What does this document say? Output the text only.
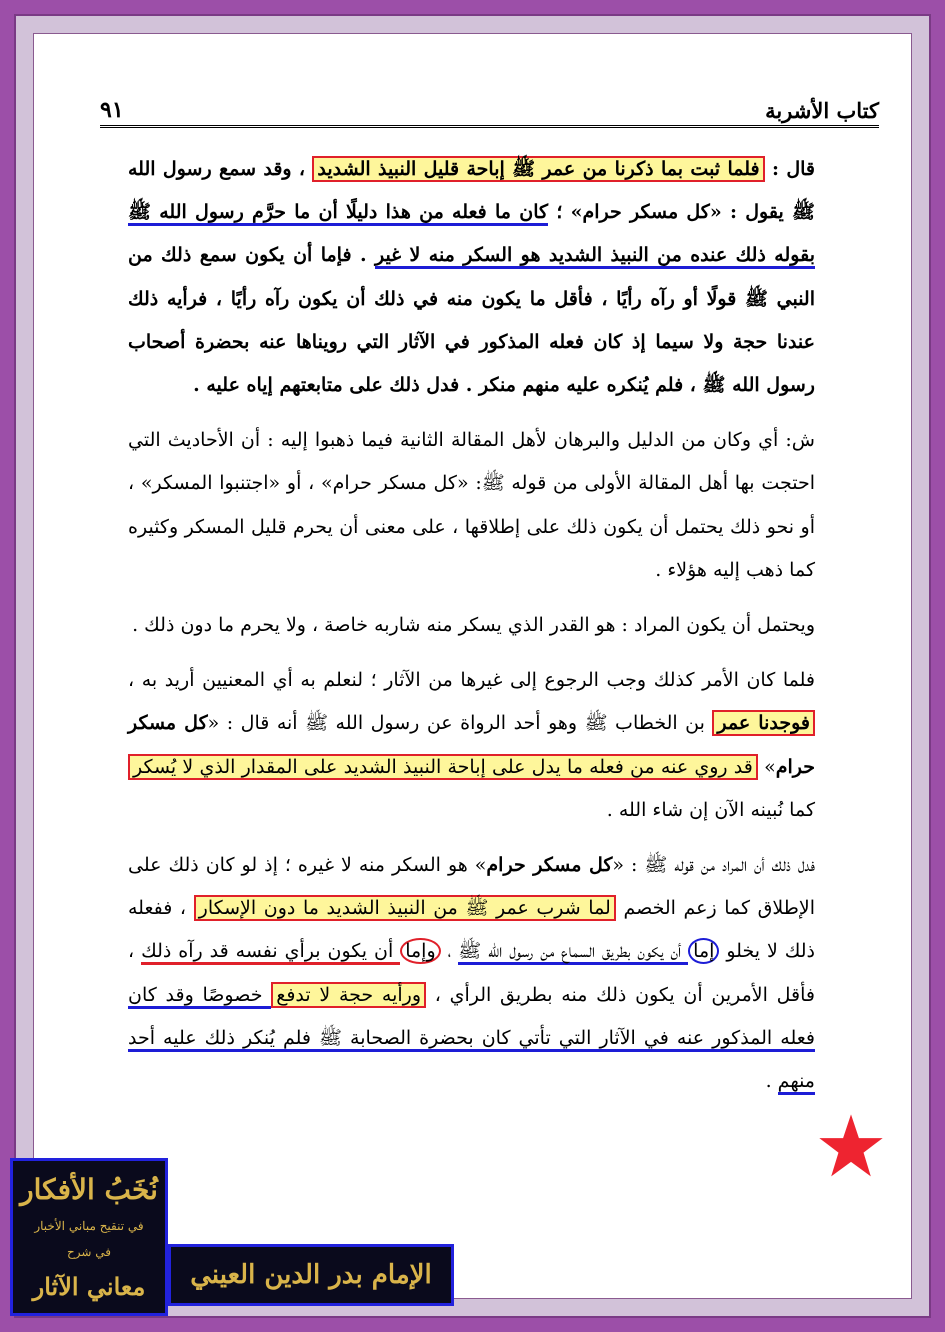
كتاب الأشربة
٩١

قال : فلما ثبت بما ذكرنا من عمر ﷺ إباحة قليل النبيذ الشديد ، وقد سمع رسول الله ﷺ يقول : «كل مسكر حرام» ؛ كان ما فعله من هذا دليلًا أن ما حرَّم رسول الله ﷺ بقوله ذلك عنده من النبيذ الشديد هو السكر منه لا غير . فإما أن يكون سمع ذلك من النبي ﷺ قولًا أو رآه رأيًا ، فأقل ما يكون منه في ذلك أن يكون رآه رأيًا ، فرأيه ذلك عندنا حجة ولا سيما إذ كان فعله المذكور في الآثار التي رويناها عنه بحضرة أصحاب رسول الله ﷺ ، فلم يُنكره عليه منهم منكر . فدل ذلك على متابعتهم إياه عليه .

ش: أي وكان من الدليل والبرهان لأهل المقالة الثانية فيما ذهبوا إليه : أن الأحاديث التي احتجت بها أهل المقالة الأولى من قوله ﷺ: «كل مسكر حرام» ، أو «اجتنبوا المسكر» ، أو نحو ذلك يحتمل أن يكون ذلك على إطلاقها ، على معنى أن يحرم قليل المسكر وكثيره كما ذهب إليه هؤلاء .

ويحتمل أن يكون المراد : هو القدر الذي يسكر منه شاربه خاصة ، ولا يحرم ما دون ذلك .

فلما كان الأمر كذلك وجب الرجوع إلى غيرها من الآثار ؛ لنعلم به أي المعنيين أريد به ، فوجدنا عمر بن الخطاب ﷺ وهو أحد الرواة عن رسول الله ﷺ أنه قال : «كل مسكر حرام» قد روي عنه من فعله ما يدل على إباحة النبيذ الشديد على المقدار الذي لا يُسكر كما نُبينه الآن إن شاء الله .

فدل ذلك أن المراد من قوله ﷺ : «كل مسكر حرام» هو السكر منه لا غيره ؛ إذ لو كان ذلك على الإطلاق كما زعم الخصم لما شرب عمر ﷺ من النبيذ الشديد ما دون الإسكار ، ففعله ذلك لا يخلو إما أن يكون بطريق السماع من رسول الله ﷺ ، وإما أن يكون برأي نفسه قد رآه ذلك ، فأقل الأمرين أن يكون ذلك منه بطريق الرأي ، ورأيه حجة لا تدفع خصوصًا وقد كان فعله المذكور عنه في الآثار التي تأتي كان بحضرة الصحابة ﷺ فلم يُنكر ذلك عليه أحد منهم .

نُخَبُ الأفكار
في تنقيح مباني الأخبار
في شرح
معاني الآثار	الإمام بدر الدين العيني
